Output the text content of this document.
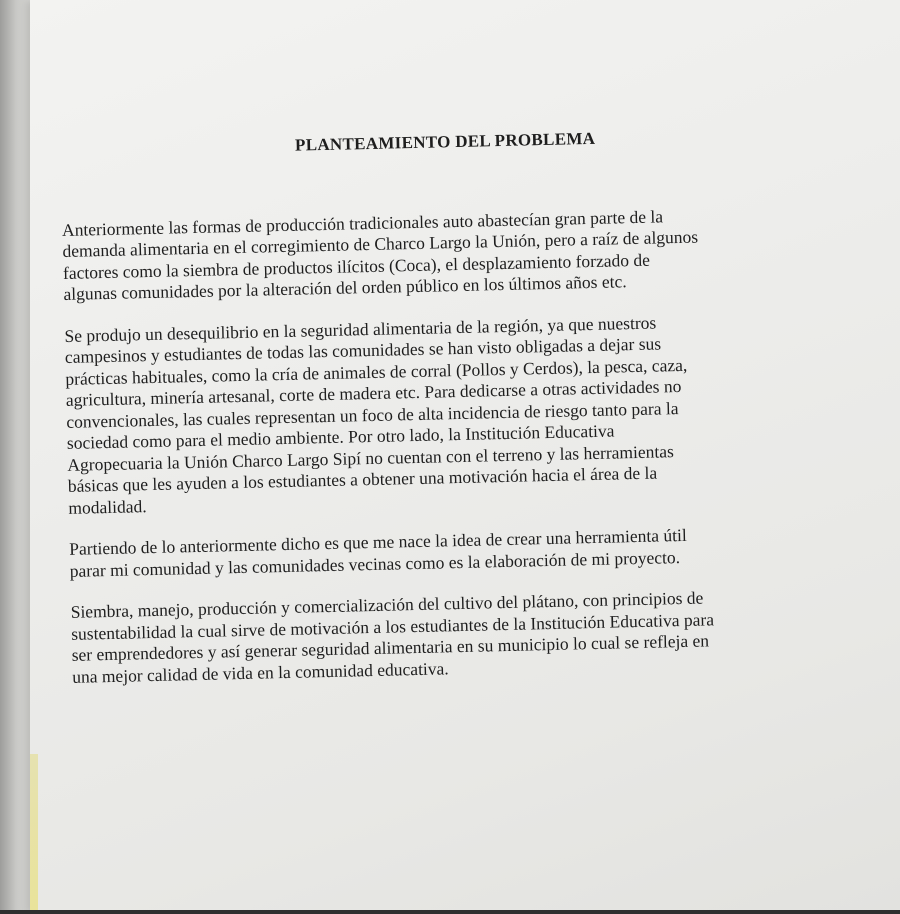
PLANTEAMIENTO DEL PROBLEMA

Anteriormente las formas de producción tradicionales auto abastecían gran parte de la
demanda alimentaria en el corregimiento de Charco Largo la Unión, pero a raíz de algunos
factores como la siembra de productos ilícitos (Coca), el desplazamiento forzado de
algunas comunidades por la alteración del orden público en los últimos años etc.

Se produjo un desequilibrio en la seguridad alimentaria de la región, ya que nuestros
campesinos y estudiantes de todas las comunidades se han visto obligadas a dejar sus
prácticas habituales, como la cría de animales de corral (Pollos y Cerdos), la pesca, caza,
agricultura, minería artesanal, corte de madera etc. Para dedicarse a otras actividades no
convencionales, las cuales representan un foco de alta incidencia de riesgo tanto para la
sociedad como para el medio ambiente. Por otro lado, la Institución Educativa
Agropecuaria la Unión Charco Largo Sipí no cuentan con el terreno y las herramientas
básicas que les ayuden a los estudiantes a obtener una motivación hacia el área de la
modalidad.

Partiendo de lo anteriormente dicho es que me nace la idea de crear una herramienta útil
parar mi comunidad y las comunidades vecinas como es la elaboración de mi proyecto.

Siembra, manejo, producción y comercialización del cultivo del plátano, con principios de
sustentabilidad la cual sirve de motivación a los estudiantes de la Institución Educativa para
ser emprendedores y así generar seguridad alimentaria en su municipio lo cual se refleja en
una mejor calidad de vida en la comunidad educativa.
